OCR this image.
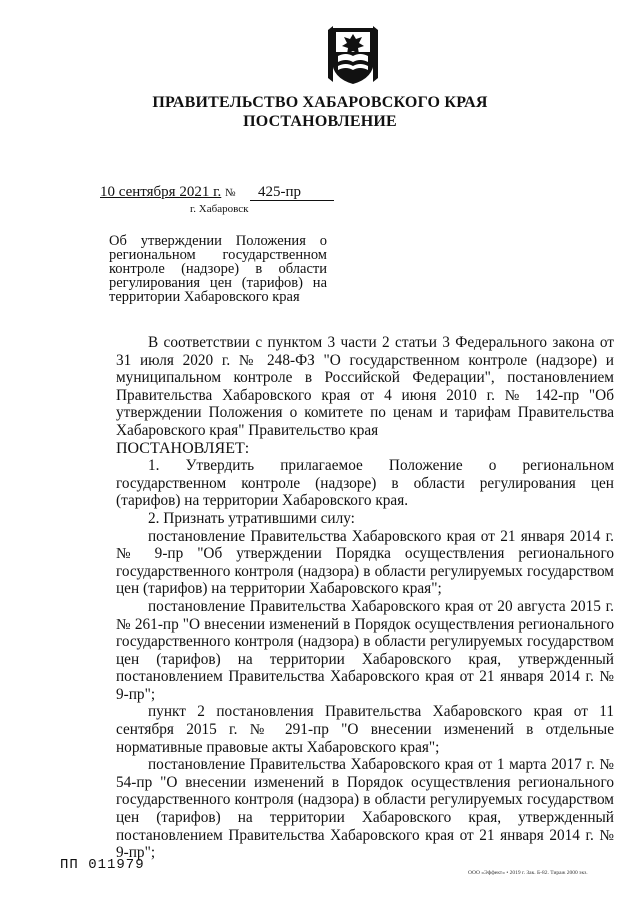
ПРАВИТЕЛЬСТВО ХАБАРОВСКОГО КРАЯ
ПОСТАНОВЛЕНИЕ
10 сентября 2021 г. № 425-пр
г. Хабаровск
Об утверждении Положения о региональном государственном контроле (надзоре) в области регулирования цен (тарифов) на территории Хабаровского края

В соответствии с пунктом 3 части 2 статьи 3 Федерального закона от 31 июля 2020 г. № 248-ФЗ "О государственном контроле (надзоре) и муниципальном контроле в Российской Федерации", постановлением Правительства Хабаровского края от 4 июня 2010 г. № 142-пр "Об утверждении Положения о комитете по ценам и тарифам Правительства Хабаровского края" Правительство края

ПОСТАНОВЛЯЕТ:

1. Утвердить прилагаемое Положение о региональном государственном контроле (надзоре) в области регулирования цен (тарифов) на территории Хабаровского края.

2. Признать утратившими силу:

постановление Правительства Хабаровского края от 21 января 2014 г. № 9-пр "Об утверждении Порядка осуществления регионального государственного контроля (надзора) в области регулируемых государством цен (тарифов) на территории Хабаровского края";

постановление Правительства Хабаровского края от 20 августа 2015 г. № 261-пр "О внесении изменений в Порядок осуществления регионального государственного контроля (надзора) в области регулируемых государством цен (тарифов) на территории Хабаровского края, утвержденный постановлением Правительства Хабаровского края от 21 января 2014 г. № 9-пр";

пункт 2 постановления Правительства Хабаровского края от 11 сентября 2015 г. № 291-пр "О внесении изменений в отдельные нормативные правовые акты Хабаровского края";

постановление Правительства Хабаровского края от 1 марта 2017 г. № 54-пр "О внесении изменений в Порядок осуществления регионального государственного контроля (надзора) в области регулируемых государством цен (тарифов) на территории Хабаровского края, утвержденный постановлением Правительства Хабаровского края от 21 января 2014 г. № 9-пр";

ПП 011979	ООО «Эффект» • 2019 г. Зак. Б-82. Тираж 2000 экз.
